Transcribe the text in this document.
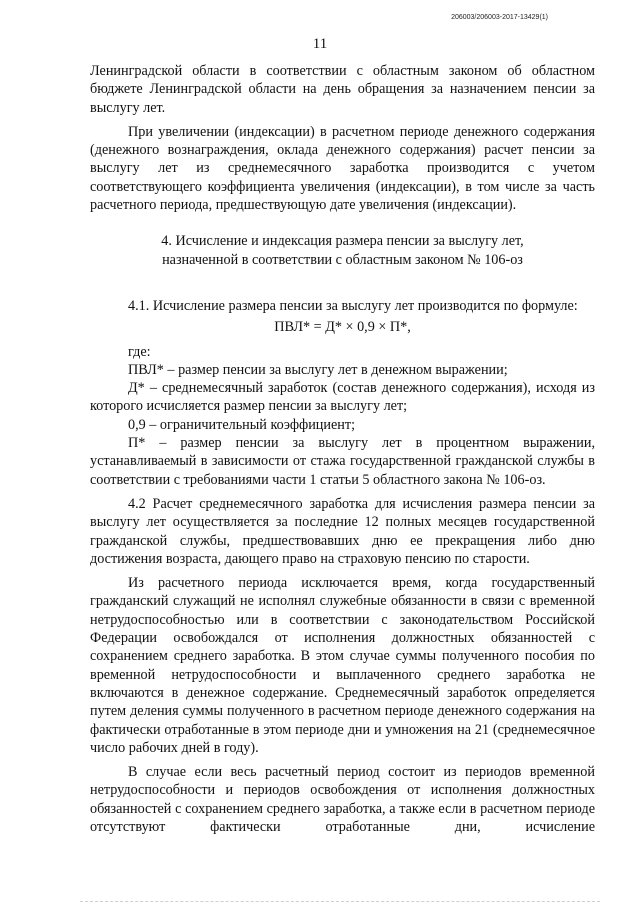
206003/206003-2017-13429(1)
11

Ленинградской области в соответствии с областным законом об областном бюджете Ленинградской области на день обращения за назначением пенсии за выслугу лет.

При увеличении (индексации) в расчетном периоде денежного содержания (денежного вознаграждения, оклада денежного содержания) расчет пенсии за выслугу лет из среднемесячного заработка производится с учетом соответствующего коэффициента увеличения (индексации), в том числе за часть расчетного периода, предшествующую дате увеличения (индексации).

4. Исчисление и индексация размера пенсии за выслугу лет,
назначенной в соответствии с областным законом № 106-оз

4.1. Исчисление размера пенсии за выслугу лет производится по формуле:

ПВЛ* = Д* × 0,9 × П*,

где:

ПВЛ* – размер пенсии за выслугу лет в денежном выражении;

Д* – среднемесячный заработок (состав денежного содержания), исходя из которого исчисляется размер пенсии за выслугу лет;

0,9 – ограничительный коэффициент;

П* – размер пенсии за выслугу лет в процентном выражении, устанавливаемый в зависимости от стажа государственной гражданской службы в соответствии с требованиями части 1 статьи 5 областного закона № 106-оз.

4.2 Расчет среднемесячного заработка для исчисления размера пенсии за выслугу лет осуществляется за последние 12 полных месяцев государственной гражданской службы, предшествовавших дню ее прекращения либо дню достижения возраста, дающего право на страховую пенсию по старости.

Из расчетного периода исключается время, когда государственный гражданский служащий не исполнял служебные обязанности в связи с временной нетрудоспособностью или в соответствии с законодательством Российской Федерации освобождался от исполнения должностных обязанностей с сохранением среднего заработка. В этом случае суммы полученного пособия по временной нетрудоспособности и выплаченного среднего заработка не включаются в денежное содержание. Среднемесячный заработок определяется путем деления суммы полученного в расчетном периоде денежного содержания на фактически отработанные в этом периоде дни и умножения на 21 (среднемесячное число рабочих дней в году).

В случае если весь расчетный период состоит из периодов временной нетрудоспособности и периодов освобождения от исполнения должностных обязанностей с сохранением среднего заработка, а также если в расчетном периоде отсутствуют фактически отработанные дни, исчисление
